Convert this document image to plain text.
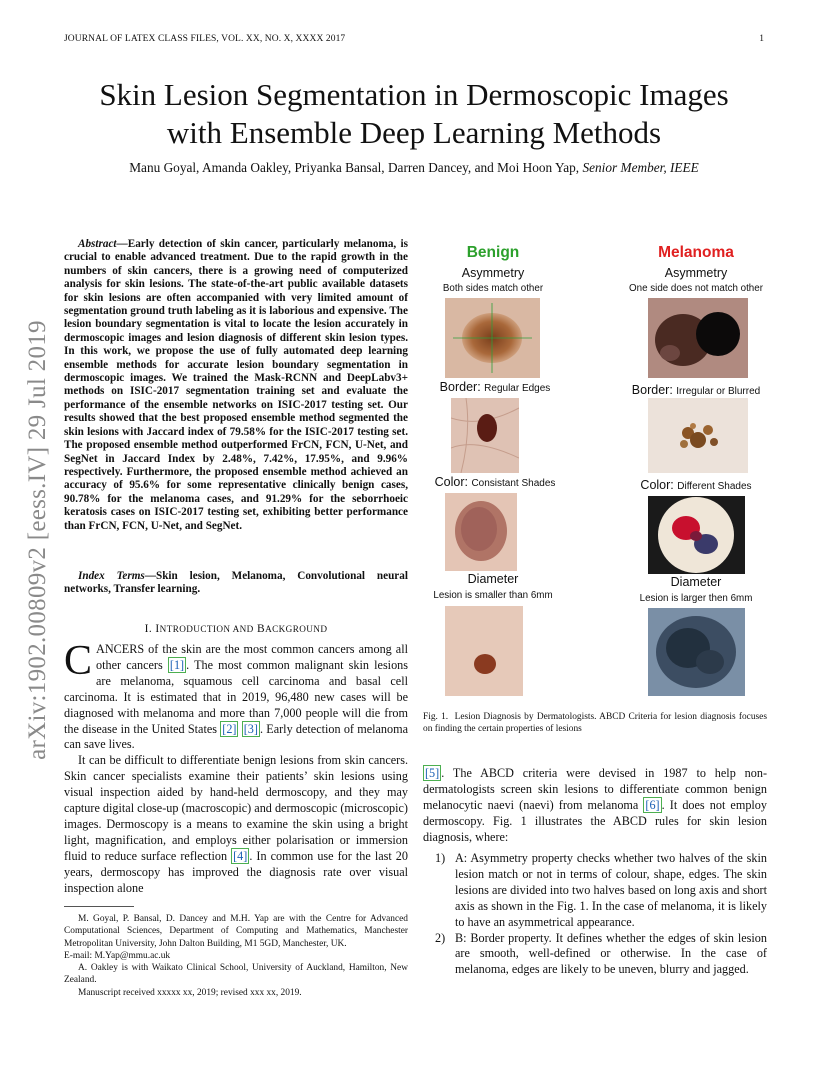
JOURNAL OF LATEX CLASS FILES, VOL. XX, NO. X, XXXX 2017	1
arXiv:1902.00809v2 [eess.IV] 29 Jul 2019
Skin Lesion Segmentation in Dermoscopic Images
with Ensemble Deep Learning Methods
Manu Goyal, Amanda Oakley, Priyanka Bansal, Darren Dancey, and Moi Hoon Yap, Senior Member, IEEE
Abstract—Early detection of skin cancer, particularly melanoma, is crucial to enable advanced treatment. Due to the rapid growth in the numbers of skin cancers, there is a growing need of computerized analysis for skin lesions. The state-of-the-art public available datasets for skin lesions are often accompanied with very limited amount of segmentation ground truth labeling as it is laborious and expensive. The lesion boundary segmentation is vital to locate the lesion accurately in dermoscopic images and lesion diagnosis of different skin lesion types. In this work, we propose the use of fully automated deep learning ensemble methods for accurate lesion boundary segmentation in dermoscopic images. We trained the Mask-RCNN and DeepLabv3+ methods on ISIC-2017 segmentation training set and evaluate the performance of the ensemble networks on ISIC-2017 testing set. Our results showed that the best proposed ensemble method segmented the skin lesions with Jaccard index of 79.58% for the ISIC-2017 testing set. The proposed ensemble method outperformed FrCN, FCN, U-Net, and SegNet in Jaccard Index by 2.48%, 7.42%, 17.95%, and 9.96% respectively. Furthermore, the proposed ensemble method achieved an accuracy of 95.6% for some representative clinically benign cases, 90.78% for the melanoma cases, and 91.29% for the seborrhoeic keratosis cases on ISIC-2017 testing set, exhibiting better performance than FrCN, FCN, U-Net, and SegNet.
Index Terms—Skin lesion, Melanoma, Convolutional neural networks, Transfer learning.
I. INTRODUCTION AND BACKGROUND

CANCERS of the skin are the most common cancers among all other cancers [1] . The most common malignant skin lesions are melanoma, squamous cell carcinoma and basal cell carcinoma. It is estimated that in 2019, 96,480 new cases will be diagnosed with melanoma and more than 7,000 people will die from the disease in the United States [2] [3] . Early detection of melanoma can save lives.

It can be difficult to differentiate benign lesions from skin cancers. Skin cancer specialists examine their patients’ skin lesions using visual inspection aided by hand-held dermoscopy, and they may capture digital close-up (macroscopic) and dermoscopic (microscopic) images. Dermoscopy is a means to examine the skin using a bright light, magnification, and employs either polarisation or immersion fluid to reduce surface reflection [4] . In common use for the last 20 years, dermoscopy has improved the diagnosis rate over visual inspection alone

M. Goyal, P. Bansal, D. Dancey and M.H. Yap are with the Centre for Advanced Computational Sciences, Department of Computing and Mathematics, Manchester Metropolitan University, John Dalton Building, M1 5GD, Manchester, UK.

E-mail: M.Yap@mmu.ac.uk

A. Oakley is with Waikato Clinical School, University of Auckland, Hamilton, New Zealand.

Manuscript received xxxxx xx, 2019; revised xxx xx, 2019.

Benign	Melanoma
Asymmetry	Asymmetry
Both sides match other	One side does not match other
Border: Regular Edges	Border: Irregular or Blurred
Color: Consistant Shades	Color: Different Shades
Diameter	Diameter
Lesion is smaller than 6mm	Lesion is larger then 6mm
Fig. 1. Lesion Diagnosis by Dermatologists. ABCD Criteria for lesion diagnosis focuses on finding the certain properties of lesions
[5] . The ABCD criteria were devised in 1987 to help non-dermatologists screen skin lesions to differentiate common benign melanocytic naevi (naevi) from melanoma [6] . It does not employ dermoscopy. Fig. 1 illustrates the ABCD rules for skin lesion diagnosis, where:
1) A: Asymmetry property checks whether two halves of the skin lesion match or not in terms of colour, shape, edges. The skin lesions are divided into two halves based on long axis and short axis as shown in the Fig. 1. In the case of melanoma, it is likely to have an asymmetrical appearance.
2) B: Border property. It defines whether the edges of skin lesion are smooth, well-defined or otherwise. In the case of melanoma, edges are likely to be uneven, blurry and jagged.
